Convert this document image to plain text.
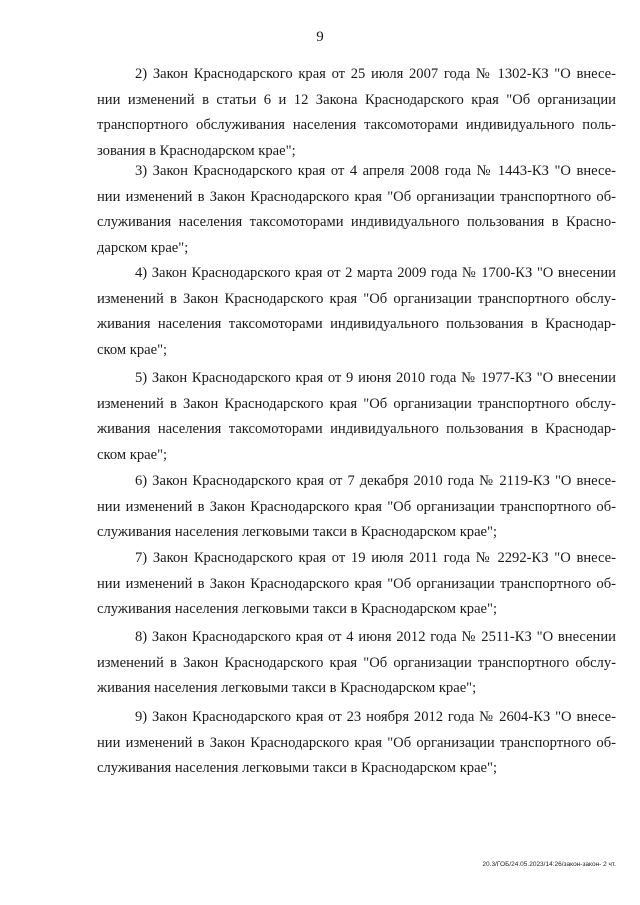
9
2) Закон Краснодарского края от 25 июля 2007 года № 1302-КЗ "О внесе-
нии изменений в статьи 6 и 12 Закона Краснодарского края "Об организации
транспортного обслуживания населения таксомоторами индивидуального поль-
зования в Краснодарском крае";
3) Закон Краснодарского края от 4 апреля 2008 года № 1443-КЗ "О внесе-
нии изменений в Закон Краснодарского края "Об организации транспортного об-
служивания населения таксомоторами индивидуального пользования в Красно-
дарском крае";
4) Закон Краснодарского края от 2 марта 2009 года № 1700-КЗ "О внесении
изменений в Закон Краснодарского края "Об организации транспортного обслу-
живания населения таксомоторами индивидуального пользования в Краснодар-
ском крае";
5) Закон Краснодарского края от 9 июня 2010 года № 1977-КЗ "О внесении
изменений в Закон Краснодарского края "Об организации транспортного обслу-
живания населения таксомоторами индивидуального пользования в Краснодар-
ском крае";
6) Закон Краснодарского края от 7 декабря 2010 года № 2119-КЗ "О внесе-
нии изменений в Закон Краснодарского края "Об организации транспортного об-
служивания населения легковыми такси в Краснодарском крае";
7) Закон Краснодарского края от 19 июля 2011 года № 2292-КЗ "О внесе-
нии изменений в Закон Краснодарского края "Об организации транспортного об-
служивания населения легковыми такси в Краснодарском крае";
8) Закон Краснодарского края от 4 июня 2012 года № 2511-КЗ "О внесении
изменений в Закон Краснодарского края "Об организации транспортного обслу-
живания населения легковыми такси в Краснодарском крае";
9) Закон Краснодарского края от 23 ноября 2012 года № 2604-КЗ "О внесе-
нии изменений в Закон Краснодарского края "Об организации транспортного об-
служивания населения легковыми такси в Краснодарском крае";
20.3/ГОБ/24.05.2023/14:26/закон-закон- 2 чт.
